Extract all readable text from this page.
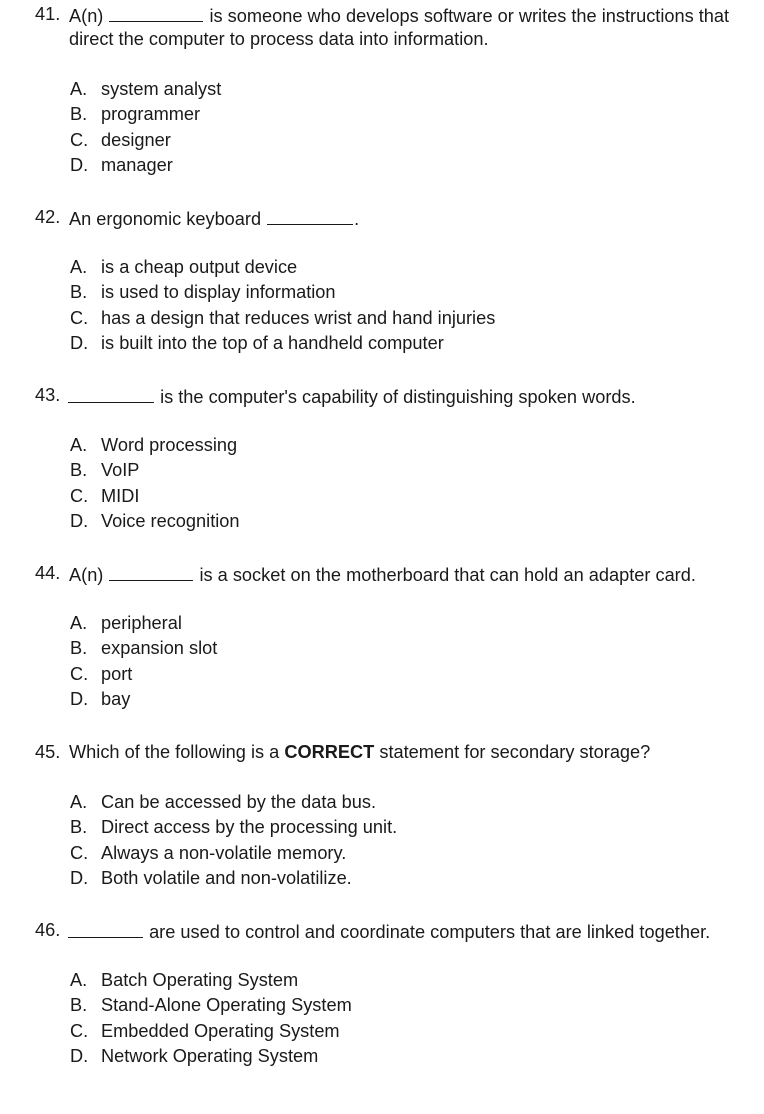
41. A(n)	is someone who develops software or writes the instructions that
direct the computer to process data into information.
A. system analyst
B. programmer
C. designer
D. manager
42. An ergonomic keyboard	.
A. is a cheap output device
B. is used to display information
C. has a design that reduces wrist and hand injuries
D. is built into the top of a handheld computer
43.	is the computer's capability of distinguishing spoken words.
A. Word processing
B. VoIP
C. MIDI
D. Voice recognition
44. A(n)	is a socket on the motherboard that can hold an adapter card.
A. peripheral
B. expansion slot
C. port
D. bay
45. Which of the following is a CORRECT statement for secondary storage?
A. Can be accessed by the data bus.
B. Direct access by the processing unit.
C. Always a non-volatile memory.
D. Both volatile and non-volatilize.
46.	are used to control and coordinate computers that are linked together.
A. Batch Operating System
B. Stand-Alone Operating System
C. Embedded Operating System
D. Network Operating System
